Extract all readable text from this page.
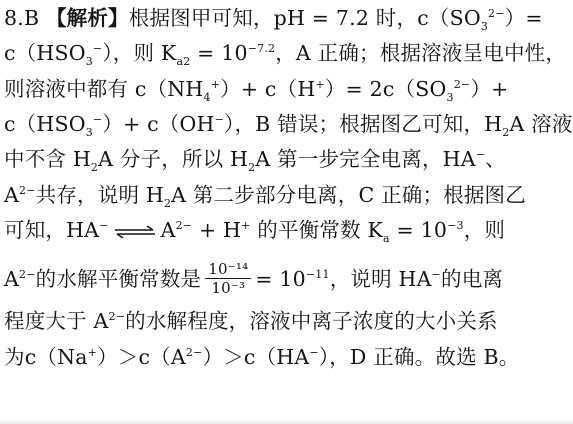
8.B 【解析】根据图甲可知，pH = 7.2 时，$c(SO_3^{2-})=$
$c(HSO_3^-)$，则 $K_{a2} = 10^{-7.2}$，A 正确；根据溶液呈电中性，
则溶液中都有 $c(NH_4^+)+ c(H^+)= 2c(SO_3^{2-})+$
$c(HSO_3^-)+ c(OH^-)$，B 错误；根据图乙可知，$H_2A$ 溶液
中不含 $H_2A$ 分子，所以 $H_2A$ 第一步完全电离，HA−、
$A^{2-}$共存，说明 $H_2A$ 第二步部分电离，C 正确；根据图乙
可知，HA− ⇌ $A^{2-} + H^+$ 的平衡常数 $K_a = 10^{-3}$，则
$A^{2-}$的水解平衡常数是 $\frac{\text{10⁻¹⁴}}{\text{10⁻³}} = 10^{-11}$，说明 HA−的电离
程度大于 $A^{2-}$的水解程度，溶液中离子浓度的大小关系
为$c(Na^+)>c(A^{2-})>c(HA^-)$，D 正确。故选 B。
